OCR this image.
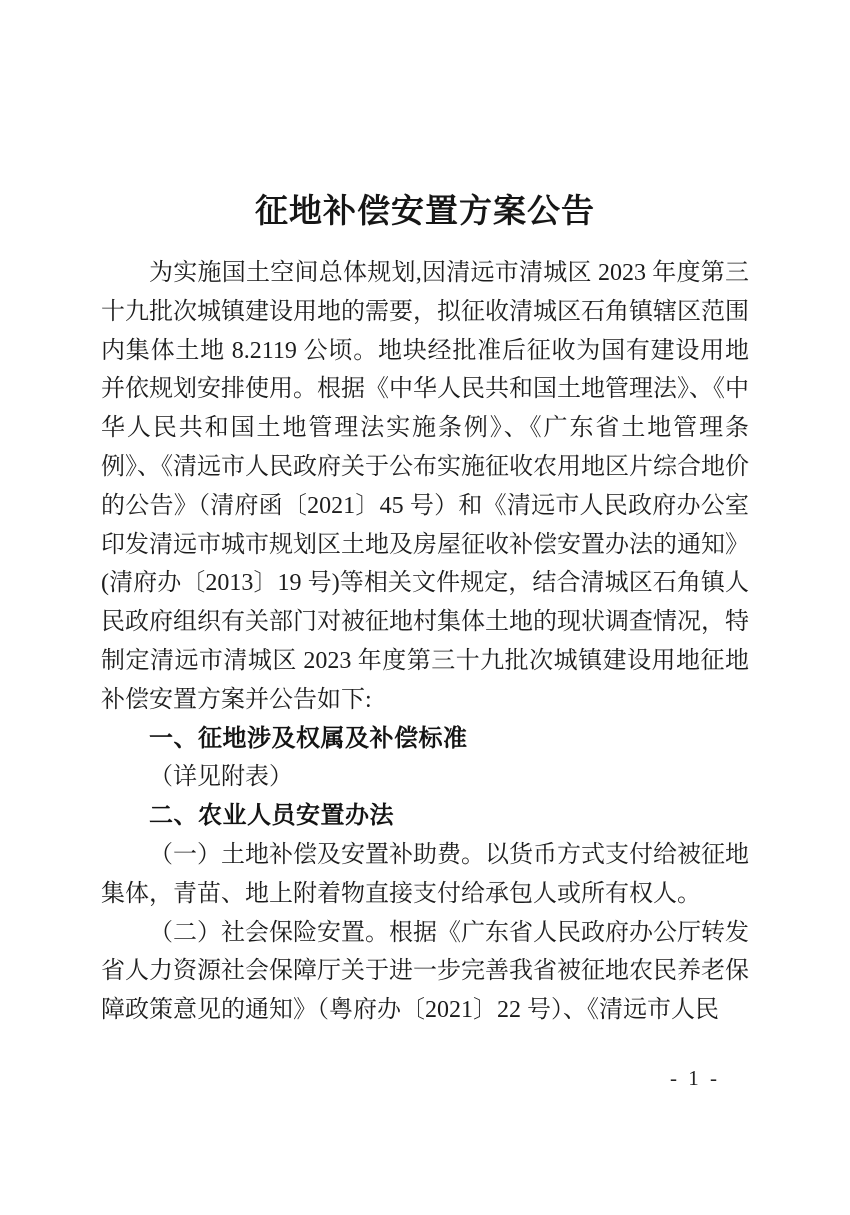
征地补偿安置方案公告

为实施国土空间总体规划,因清远市清城区 2023 年度第三十九批次城镇建设用地的需要，拟征收清城区石角镇辖区范围内集体土地 8.2119 公顷。地块经批准后征收为国有建设用地并依规划安排使用。根据《中华人民共和国土地管理法》、《中华人民共和国土地管理法实施条例》、《广东省土地管理条例》、《清远市人民政府关于公布实施征收农用地区片综合地价的公告》（清府函〔2021〕45 号）和《清远市人民政府办公室印发清远市城市规划区土地及房屋征收补偿安置办法的通知》(清府办〔2013〕19 号)等相关文件规定，结合清城区石角镇人民政府组织有关部门对被征地村集体土地的现状调查情况，特制定清远市清城区 2023 年度第三十九批次城镇建设用地征地补偿安置方案并公告如下:

一、征地涉及权属及补偿标准

（详见附表）

二、农业人员安置办法

（一）土地补偿及安置补助费。以货币方式支付给被征地集体，青苗、地上附着物直接支付给承包人或所有权人。

（二）社会保险安置。根据《广东省人民政府办公厅转发省人力资源社会保障厅关于进一步完善我省被征地农民养老保障政策意见的通知》（粤府办〔2021〕22 号）、《清远市人民

- 1 -
